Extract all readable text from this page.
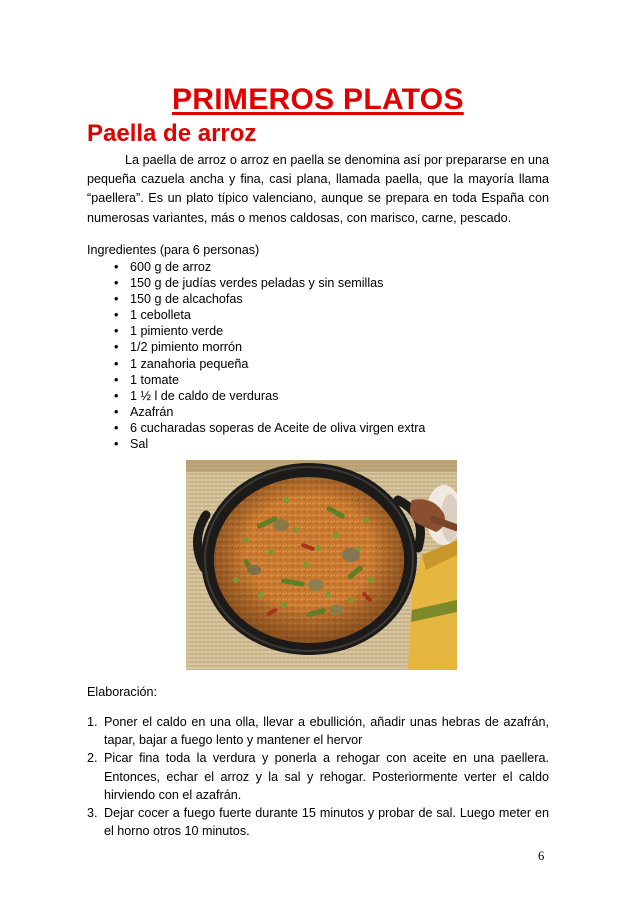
PRIMEROS PLATOS
Paella de arroz

La paella de arroz o arroz en paella se denomina así por prepararse en una pequeña cazuela ancha y fina, casi plana, llamada paella, que la mayoría llama “paellera”. Es un plato típico valenciano, aunque se prepara en toda España con numerosas variantes, más o menos caldosas, con marisco, carne, pescado.

Ingredientes (para 6 personas)

• 600 g de arroz
• 150 g de judías verdes peladas y sin semillas
• 150 g de alcachofas
• 1 cebolleta
• 1 pimiento verde
• 1/2 pimiento morrón
• 1 zanahoria pequeña
• 1 tomate
• 1 ½ l de caldo de verduras
• Azafrán
• 6 cucharadas soperas de Aceite de oliva virgen extra
• Sal

Elaboración:

1. Poner el caldo en una olla, llevar a ebullición, añadir unas hebras de azafrán, tapar, bajar a fuego lento y mantener el hervor
2. Picar fina toda la verdura y ponerla a rehogar con aceite en una paellera. Entonces, echar el arroz y la sal y rehogar. Posteriormente verter el caldo hirviendo con el azafrán.
3. Dejar cocer a fuego fuerte durante 15 minutos y probar de sal. Luego meter en el horno otros 10 minutos.

6
